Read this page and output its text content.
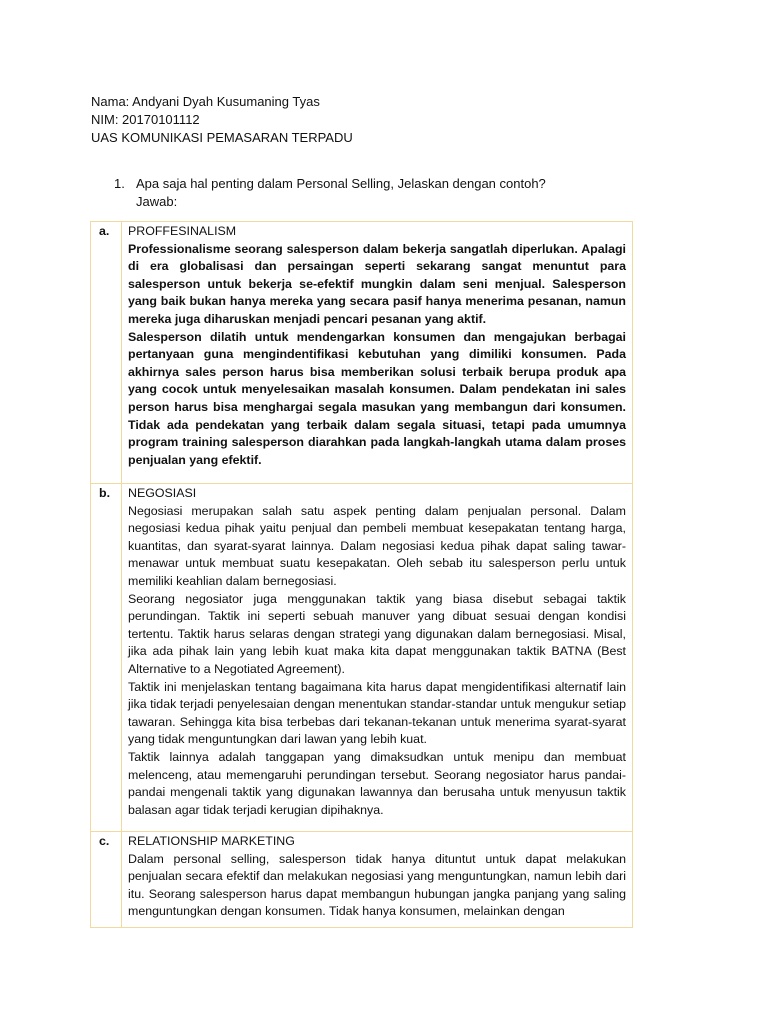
Nama: Andyani Dyah Kusumaning Tyas
NIM: 20170101112
UAS KOMUNIKASI PEMASARAN TERPADU
1. Apa saja hal penting dalam Personal Selling, Jelaskan dengan contoh?
Jawab:
a.	PROFFESINALISM

Professionalisme seorang salesperson dalam bekerja sangatlah diperlukan. Apalagi di era globalisasi dan persaingan seperti sekarang sangat menuntut para salesperson untuk bekerja se-efektif mungkin dalam seni menjual. Salesperson yang baik bukan hanya mereka yang secara pasif hanya menerima pesanan, namun mereka juga diharuskan menjadi pencari pesanan yang aktif.

Salesperson dilatih untuk mendengarkan konsumen dan mengajukan berbagai pertanyaan guna mengindentifikasi kebutuhan yang dimiliki konsumen. Pada akhirnya sales person harus bisa memberikan solusi terbaik berupa produk apa yang cocok untuk menyelesaikan masalah konsumen. Dalam pendekatan ini sales person harus bisa menghargai segala masukan yang membangun dari konsumen. Tidak ada pendekatan yang terbaik dalam segala situasi, tetapi pada umumnya program training salesperson diarahkan pada langkah-langkah utama dalam proses penjualan yang efektif.

b.	NEGOSIASI

Negosiasi merupakan salah satu aspek penting dalam penjualan personal. Dalam negosiasi kedua pihak yaitu penjual dan pembeli membuat kesepakatan tentang harga, kuantitas, dan syarat-syarat lainnya. Dalam negosiasi kedua pihak dapat saling tawar-menawar untuk membuat suatu kesepakatan. Oleh sebab itu salesperson perlu untuk memiliki keahlian dalam bernegosiasi.

Seorang negosiator juga menggunakan taktik yang biasa disebut sebagai taktik perundingan. Taktik ini seperti sebuah manuver yang dibuat sesuai dengan kondisi tertentu. Taktik harus selaras dengan strategi yang digunakan dalam bernegosiasi. Misal, jika ada pihak lain yang lebih kuat maka kita dapat menggunakan taktik BATNA (Best Alternative to a Negotiated Agreement).

Taktik ini menjelaskan tentang bagaimana kita harus dapat mengidentifikasi alternatif lain jika tidak terjadi penyelesaian dengan menentukan standar-standar untuk mengukur setiap tawaran. Sehingga kita bisa terbebas dari tekanan-tekanan untuk menerima syarat-syarat yang tidak menguntungkan dari lawan yang lebih kuat.

Taktik lainnya adalah tanggapan yang dimaksudkan untuk menipu dan membuat melenceng, atau memengaruhi perundingan tersebut. Seorang negosiator harus pandai-pandai mengenali taktik yang digunakan lawannya dan berusaha untuk menyusun taktik balasan agar tidak terjadi kerugian dipihaknya.

c.	RELATIONSHIP MARKETING

Dalam personal selling, salesperson tidak hanya dituntut untuk dapat melakukan penjualan secara efektif dan melakukan negosiasi yang menguntungkan, namun lebih dari itu. Seorang salesperson harus dapat membangun hubungan jangka panjang yang saling menguntungkan dengan konsumen. Tidak hanya konsumen, melainkan dengan
